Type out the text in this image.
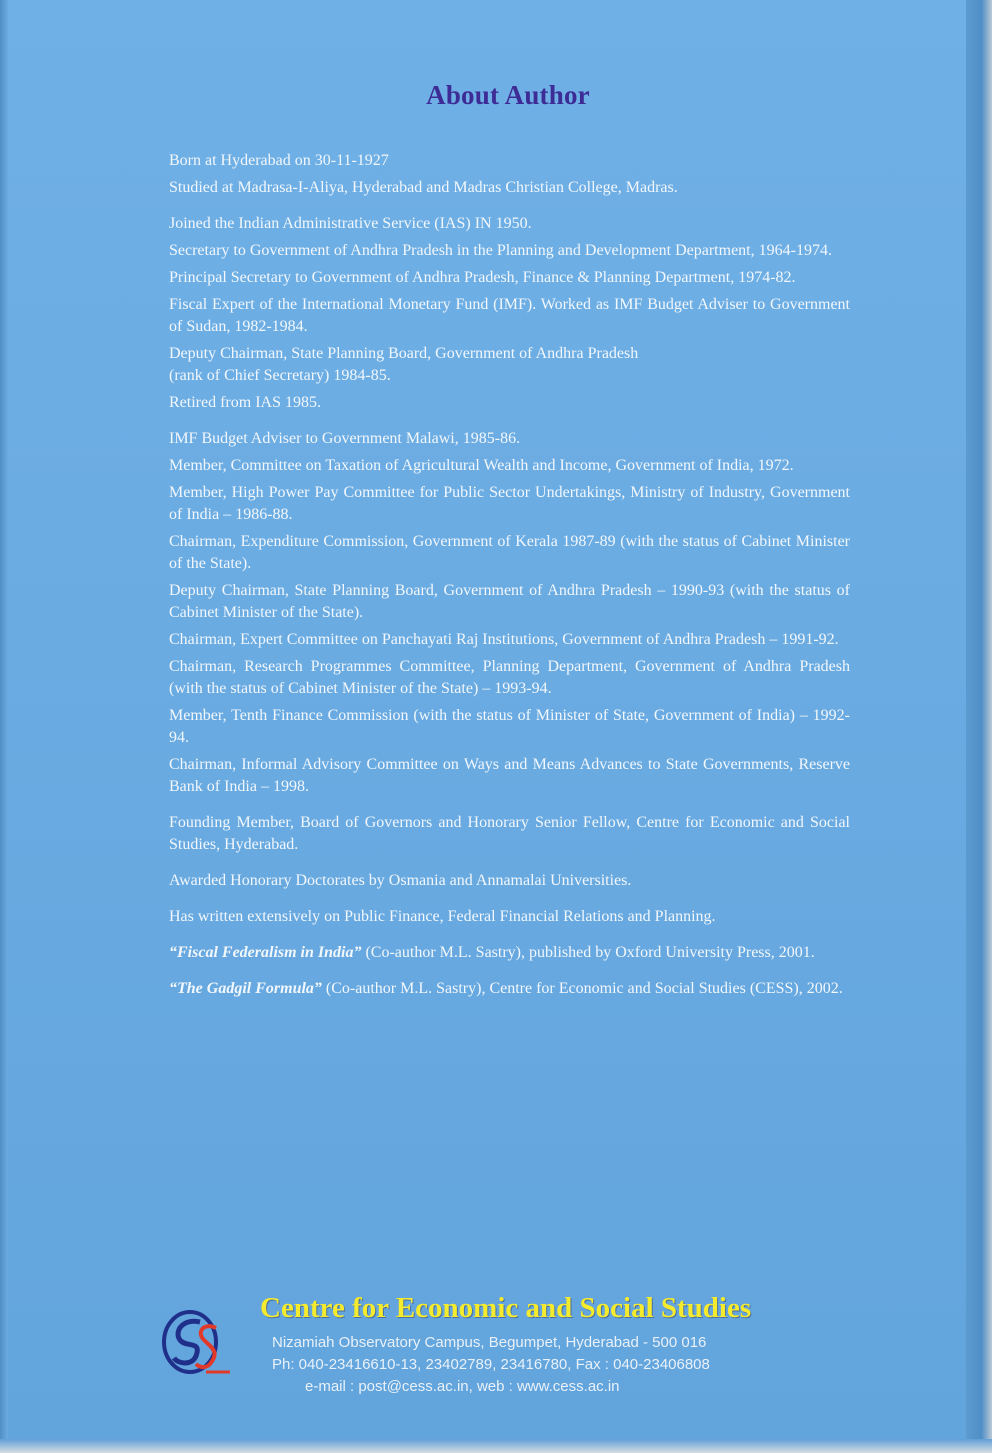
About Author

Born at Hyderabad on 30-11-1927

Studied at Madrasa-I-Aliya, Hyderabad and Madras Christian College, Madras.

Joined the Indian Administrative Service (IAS) IN 1950.

Secretary to Government of Andhra Pradesh in the Planning and Development Department, 1964-1974.

Principal Secretary to Government of Andhra Pradesh, Finance & Planning Department, 1974-82.

Fiscal Expert of the International Monetary Fund (IMF). Worked as IMF Budget Adviser to Government of Sudan, 1982-1984.

Deputy Chairman, State Planning Board, Government of Andhra Pradesh

(rank of Chief Secretary) 1984-85.

Retired from IAS 1985.

IMF Budget Adviser to Government Malawi, 1985-86.

Member, Committee on Taxation of Agricultural Wealth and Income, Government of India, 1972.

Member, High Power Pay Committee for Public Sector Undertakings, Ministry of Industry, Government of India – 1986-88.

Chairman, Expenditure Commission, Government of Kerala 1987-89 (with the status of Cabinet Minister of the State).

Deputy Chairman, State Planning Board, Government of Andhra Pradesh – 1990-93 (with the status of Cabinet Minister of the State).

Chairman, Expert Committee on Panchayati Raj Institutions, Government of Andhra Pradesh – 1991-92.

Chairman, Research Programmes Committee, Planning Department, Government of Andhra Pradesh (with the status of Cabinet Minister of the State) – 1993-94.

Member, Tenth Finance Commission (with the status of Minister of State, Government of India) – 1992-94.

Chairman, Informal Advisory Committee on Ways and Means Advances to State Governments, Reserve Bank of India – 1998.

Founding Member, Board of Governors and Honorary Senior Fellow, Centre for Economic and Social Studies, Hyderabad.

Awarded Honorary Doctorates by Osmania and Annamalai Universities.

Has written extensively on Public Finance, Federal Financial Relations and Planning.

“Fiscal Federalism in India” (Co-author M.L. Sastry), published by Oxford University Press, 2001.

“The Gadgil Formula” (Co-author M.L. Sastry), Centre for Economic and Social Studies (CESS), 2002.

Centre for Economic and Social Studies
Nizamiah Observatory Campus, Begumpet, Hyderabad - 500 016
Ph: 040-23416610-13, 23402789, 23416780, Fax : 040-23406808
e-mail : post@cess.ac.in, web : www.cess.ac.in
